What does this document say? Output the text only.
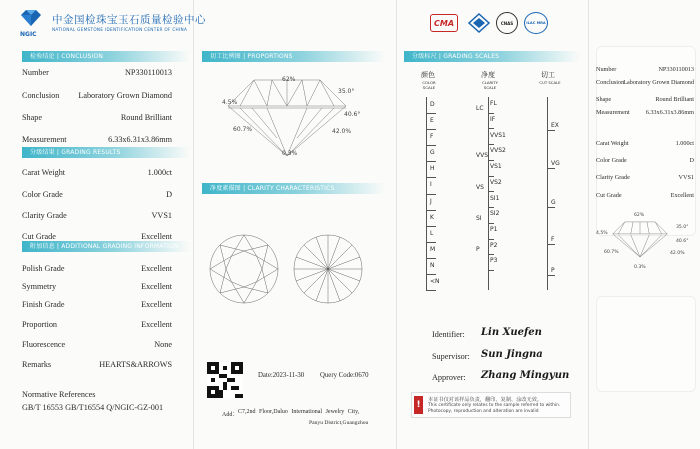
NGIC
中金国检珠宝玉石质量检验中心
NATIONAL GEMSTONE IDENTIFICATION CENTER OF CHINA
检验结论 | CONCLUSION
Number	NP330110013
Conclusion Laboratory Grown Diamond
Shape	Round Brilliant
Measurement	6.33x6.31x3.86mm
分级结果 | GRADING RESULTS
Carat Weight	1.000ct
Color Grade	D
Clarity Grade	VVS1
Cut Grade	Excellent
附加信息 | ADDITIONAL GRADING INFORMATION
Polish Grade	Excellent
Symmetry	Excellent
Finish Grade	Excellent
Proportion	Excellent
Fluorescence	None
Remarks	HEARTS&ARROWS
Normative References
GB/T 16553 GB/T16554 Q/NGIC-GZ-001
切工比例图 | PROPORTIONS
62%
35.0°
4.5%
40.6°
60.7%	42.0%
0.3%
净度素描图 | CLARITY CHARACTERISTICS
Date:2023-11-30 Query Code:0670
Add： C7,2nd Floor,Daluo International Jewelry City,
Panyu District,Guangzhou
CMA	CNAS	ILAC MRA
分级标尺 | GRADING SCALES
颜色
COLOR SCALE
净度
CLARITY SCALE
切工
CUT SCALE
D
E
F
G
H
I
J
K
L
M
N
<N
FL
IF
VVS1
VVS2
VS1
VS2
SI1
SI2
P1
P2
P3
LC
VVS
VS
SI
P
EX
VG
G
F
P
Identifier: Lin Xuefen
Supervisor: Sun Jingna
Approver: Zhang Mingyun
!	本证书仅对该样品负责，翻印、复制、涂改无效。
This certificate only relates to the sample referred to within.
Photocopy, reproduction and alteration are invalid
Number	NP330110013
Conclusion Laboratory Grown Diamond
Shape	Round Brilliant
Measurement	6.33x6.31x3.86mm
Carat Weight	1.000ct
Color Grade	D
Clarity Grade	VVS1
Cut Grade	Excellent
62%
35.0°
4.5%
40.6°
60.7%	42.0%
0.3%
